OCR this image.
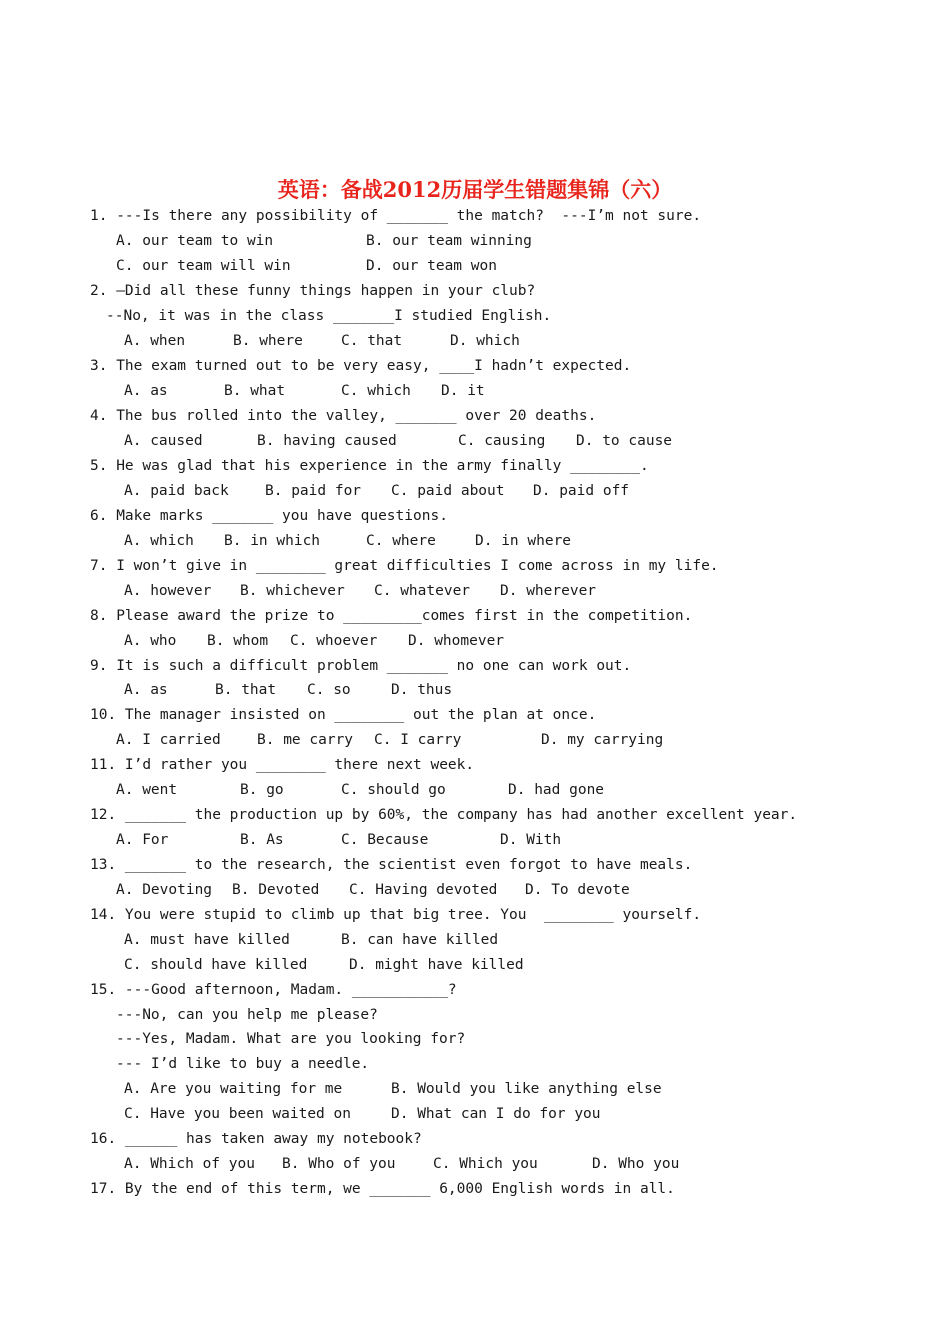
英语：备战2012历届学生错题集锦（六）
1. ---Is there any possibility of _______ the match?  ---I’m not sure.
A. our team to win	B. our team winning
C. our team will win	D. our team won
2. –Did all these funny things happen in your club?
--No, it was in the class _______I studied English.
A. when	B. where	C. that	D. which
3. The exam turned out to be very easy, ____I hadn’t expected.
A. as	B. what	C. which D. it
4. The bus rolled into the valley, _______ over 20 deaths.
A. caused	B. having caused	C. causing D. to cause
5. He was glad that his experience in the army finally ________.
A. paid back B. paid for C. paid about D. paid off
6. Make marks _______ you have questions.
A. which B. in which	C. where	D. in where
7. I won’t give in ________ great difficulties I come across in my life.
A. however B. whichever C. whatever D. wherever
8. Please award the prize to _________comes first in the competition.
A. who B. whom C. whoever D. whomever
9. It is such a difficult problem _______ no one can work out.
A. as	B. that C. so	D. thus
10. The manager insisted on ________ out the plan at once.
A. I carried B. me carry C. I carry	D. my carrying
11. I’d rather you ________ there next week.
A. went	B. go	C. should go	D. had gone
12. _______ the production up by 60%, the company has had another excellent year.
A. For	B. As	C. Because	D. With
13. _______ to the research, the scientist even forgot to have meals.
A. Devoting B. Devoted C. Having devoted D. To devote
14. You were stupid to climb up that big tree. You  ________ yourself.
A. must have killed	B. can have killed
C. should have killed	D. might have killed
15. ---Good afternoon, Madam. ___________?
---No, can you help me please?
---Yes, Madam. What are you looking for?
--- I’d like to buy a needle.
A. Are you waiting for me	B. Would you like anything else
C. Have you been waited on	D. What can I do for you
16. ______ has taken away my notebook?
A. Which of you B. Who of you	C. Which you	D. Who you
17. By the end of this term, we _______ 6,000 English words in all.
